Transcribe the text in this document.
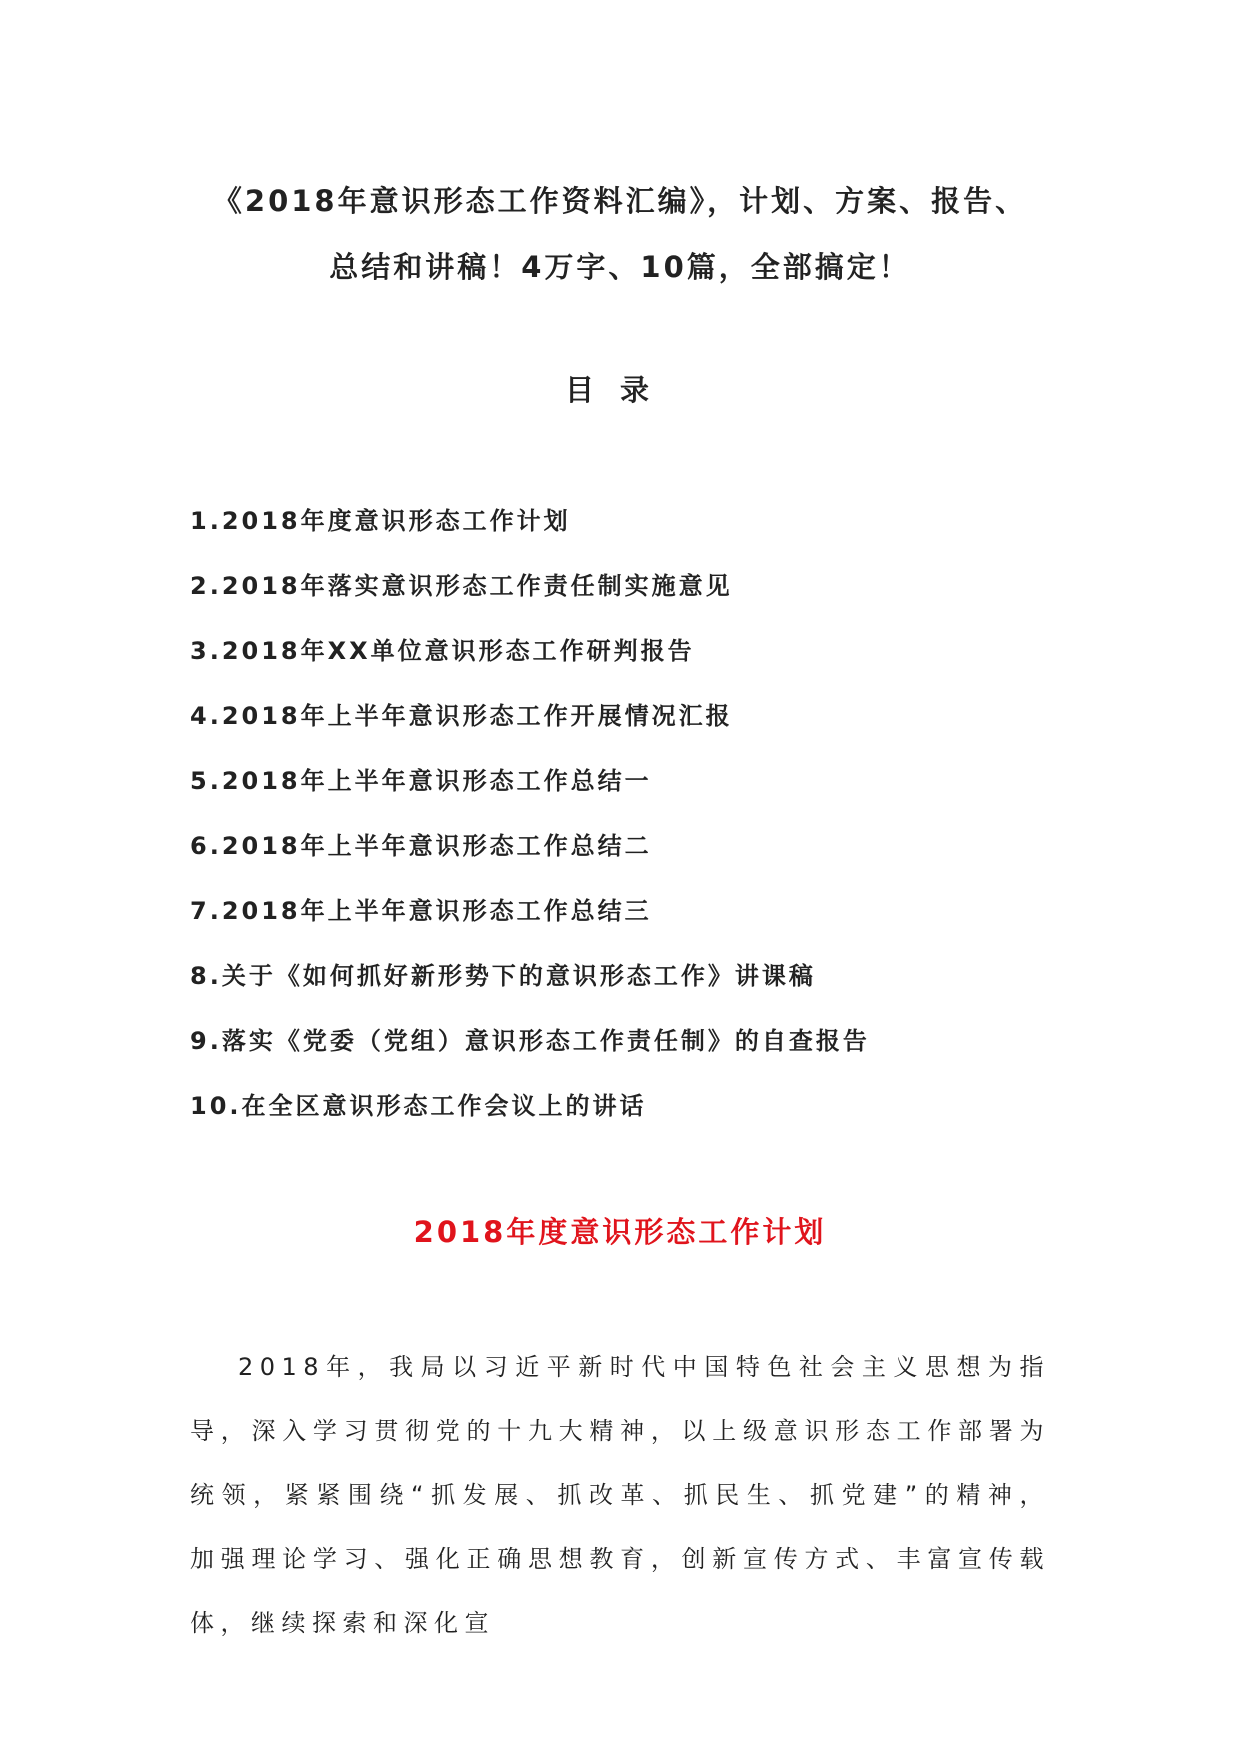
《2018年意识形态工作资料汇编》，计划、方案、报告、
总结和讲稿！4万字、10篇，全部搞定！
目录
1.2018年度意识形态工作计划
2.2018年落实意识形态工作责任制实施意见
3.2018年XX单位意识形态工作研判报告
4.2018年上半年意识形态工作开展情况汇报
5.2018年上半年意识形态工作总结一
6.2018年上半年意识形态工作总结二
7.2018年上半年意识形态工作总结三
8.关于《如何抓好新形势下的意识形态工作》讲课稿
9.落实《党委（党组）意识形态工作责任制》的自查报告
10.在全区意识形态工作会议上的讲话
2018年度意识形态工作计划

2018年，我局以习近平新时代中国特色社会主义思想为指导，深入学习贯彻党的十九大精神，以上级意识形态工作部署为统领，紧紧围绕“抓发展、抓改革、抓民生、抓党建”的精神，加强理论学习、强化正确思想教育，创新宣传方式、丰富宣传载体，继续探索和深化宣
